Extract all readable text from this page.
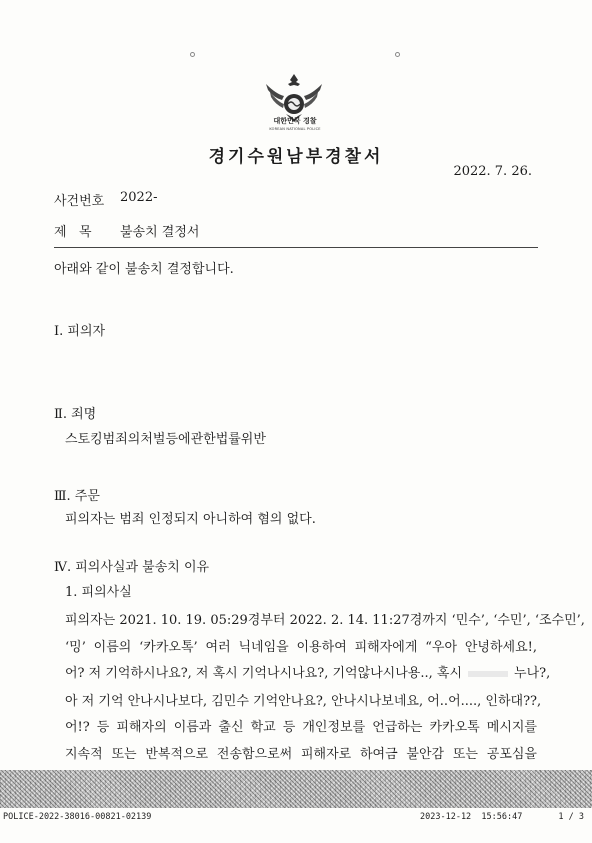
대한민국 경찰
KOREAN NATIONAL POLICE
경기수원남부경찰서
2022. 7. 26.
사건번호 2022-
제   목 불송치 결정서
아래와 같이 불송치 결정합니다.
Ⅰ. 피의자
Ⅱ. 죄명
스토킹범죄의처벌등에관한법률위반
Ⅲ. 주문
피의자는 범죄 인정되지 아니하여 혐의 없다.
Ⅳ. 피의사실과 불송치 이유
1. 피의사실
피의자는 2021. 10. 19. 05:29경부터 2022. 2. 14. 11:27경까지 ‘민수’, ‘수민’, ‘조수민’,
‘밍’ 이름의 ‘카카오톡’ 여러 닉네임을 이용하여 피해자에게 “우아 안녕하세요!,
어? 저 기억하시나요?, 저 혹시 기억나시나요?, 기억않나시나용.., 혹시	누나?,
아 저 기억 안나시나보다, 김민수 기억안나요?, 안나시나보네요, 어..어...., 인하대??,
어!? 등 피해자의 이름과 출신 학교 등 개인정보를 언급하는 카카오톡 메시지를
지속적 또는 반복적으로 전송함으로써 피해자로 하여금 불안감 또는 공포심을
POLICE-2022-38016-00821-02139	2023-12-12  15:56:47	1 / 3
